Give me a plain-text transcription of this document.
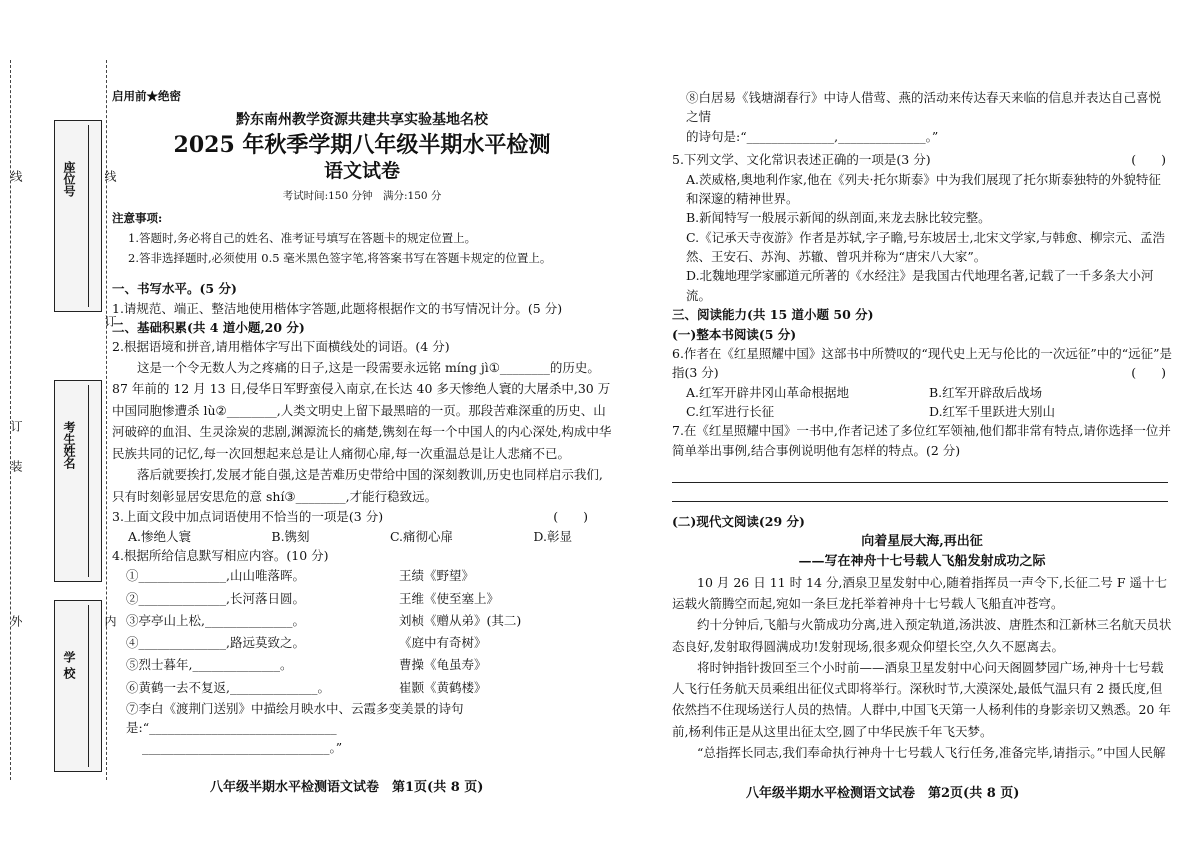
线
订
装
外
线
订
内
座位号
考生姓名
学 校

启用前★绝密

黔东南州教学资源共建共享实验基地名校

2025 年秋季学期八年级半期水平检测

语文试卷

考试时间:150 分钟　满分:150 分

注意事项:

1.答题时,务必将自己的姓名、准考证号填写在答题卡的规定位置上。

2.答非选择题时,必须使用 0.5 毫米黑色签字笔,将答案书写在答题卡规定的位置上。

一、书写水平。(5 分)

1.请规范、端正、整洁地使用楷体字答题,此题将根据作文的书写情况计分。(5 分)

二、基础积累(共 4 道小题,20 分)

2.根据语境和拼音,请用楷体字写出下面横线处的词语。(4 分)

这是一个令无数人为之疼痛的日子,这是一段需要永远铭 míng jì①________的历史。87 年前的 12 月 13 日,侵华日军野蛮侵入南京,在长达 40 多天惨绝人寰的大屠杀中,30 万中国同胞惨遭杀 lù②________,人类文明史上留下最黑暗的一页。那段苦难深重的历史、山河破碎的血泪、生灵涂炭的悲剧,渊源流长的痛楚,镌刻在每一个中国人的内心深处,构成中华民族共同的记忆,每一次回想起来总是让人痛彻心扉,每一次重温总是让人悲痛不已。

落后就要挨打,发展才能自强,这是苦难历史带给中国的深刻教训,历史也同样启示我们,只有时刻彰显居安思危的意 shí③________,才能行稳致远。

3.上面文段中加点词语使用不恰当的一项是(3 分)	(　　)

A.惨绝人寰	B.镌刻	C.痛彻心扉	D.彰显

4.根据所给信息默写相应内容。(10 分)

①______________,山山唯落晖。	王绩《野望》
②______________,长河落日圆。	王维《使至塞上》
③亭亭山上松,______________。	刘桢《赠从弟》(其二)
④______________,路远莫致之。	《庭中有奇树》
⑤烈士暮年,______________。	曹操《龟虽寿》
⑥黄鹤一去不复返,______________。	崔颢《黄鹤楼》

⑦李白《渡荆门送别》中描绘月映水中、云霞多变美景的诗句是:“______________________________

______________________________。”

八年级半期水平检测语文试卷　第1页(共 8 页)

⑧白居易《钱塘湖春行》中诗人借莺、燕的活动来传达春天来临的信息并表达自己喜悦之情

的诗句是:“______________,______________。”

5.下列文学、文化常识表述正确的一项是(3 分)	(　　)

A.茨威格,奥地利作家,他在《列夫·托尔斯泰》中为我们展现了托尔斯泰独特的外貌特征和深邃的精神世界。

B.新闻特写一般展示新闻的纵剖面,来龙去脉比较完整。

C.《记承天寺夜游》作者是苏轼,字子瞻,号东坡居士,北宋文学家,与韩愈、柳宗元、孟浩然、王安石、苏洵、苏辙、曾巩并称为“唐宋八大家”。

D.北魏地理学家郦道元所著的《水经注》是我国古代地理名著,记载了一千多条大小河流。

三、阅读能力(共 15 道小题 50 分)

(一)整本书阅读(5 分)

6.作者在《红星照耀中国》这部书中所赞叹的“现代史上无与伦比的一次远征”中的“远征”是指(3 分)	(　　)

A.红军开辟井冈山革命根据地	B.红军开辟敌后战场
C.红军进行长征	D.红军千里跃进大别山

7.在《红星照耀中国》一书中,作者记述了多位红军领袖,他们都非常有特点,请你选择一位并简单举出事例,结合事例说明他有怎样的特点。(2 分)

(二)现代文阅读(29 分)

向着星辰大海,再出征

——写在神舟十七号载人飞船发射成功之际

10 月 26 日 11 时 14 分,酒泉卫星发射中心,随着指挥员一声令下,长征二号 F 遥十七运载火箭腾空而起,宛如一条巨龙托举着神舟十七号载人飞船直冲苍穹。

约十分钟后,飞船与火箭成功分离,进入预定轨道,汤洪波、唐胜杰和江新林三名航天员状态良好,发射取得圆满成功!发射现场,很多观众仰望长空,久久不愿离去。

将时钟指针拨回至三个小时前——酒泉卫星发射中心问天阁圆梦园广场,神舟十七号载人飞行任务航天员乘组出征仪式即将举行。深秋时节,大漠深处,最低气温只有 2 摄氏度,但依然挡不住现场送行人员的热情。人群中,中国飞天第一人杨利伟的身影亲切又熟悉。20 年前,杨利伟正是从这里出征太空,圆了中华民族千年飞天梦。

“总指挥长同志,我们奉命执行神舟十七号载人飞行任务,准备完毕,请指示。”中国人民解

八年级半期水平检测语文试卷　第2页(共 8 页)
